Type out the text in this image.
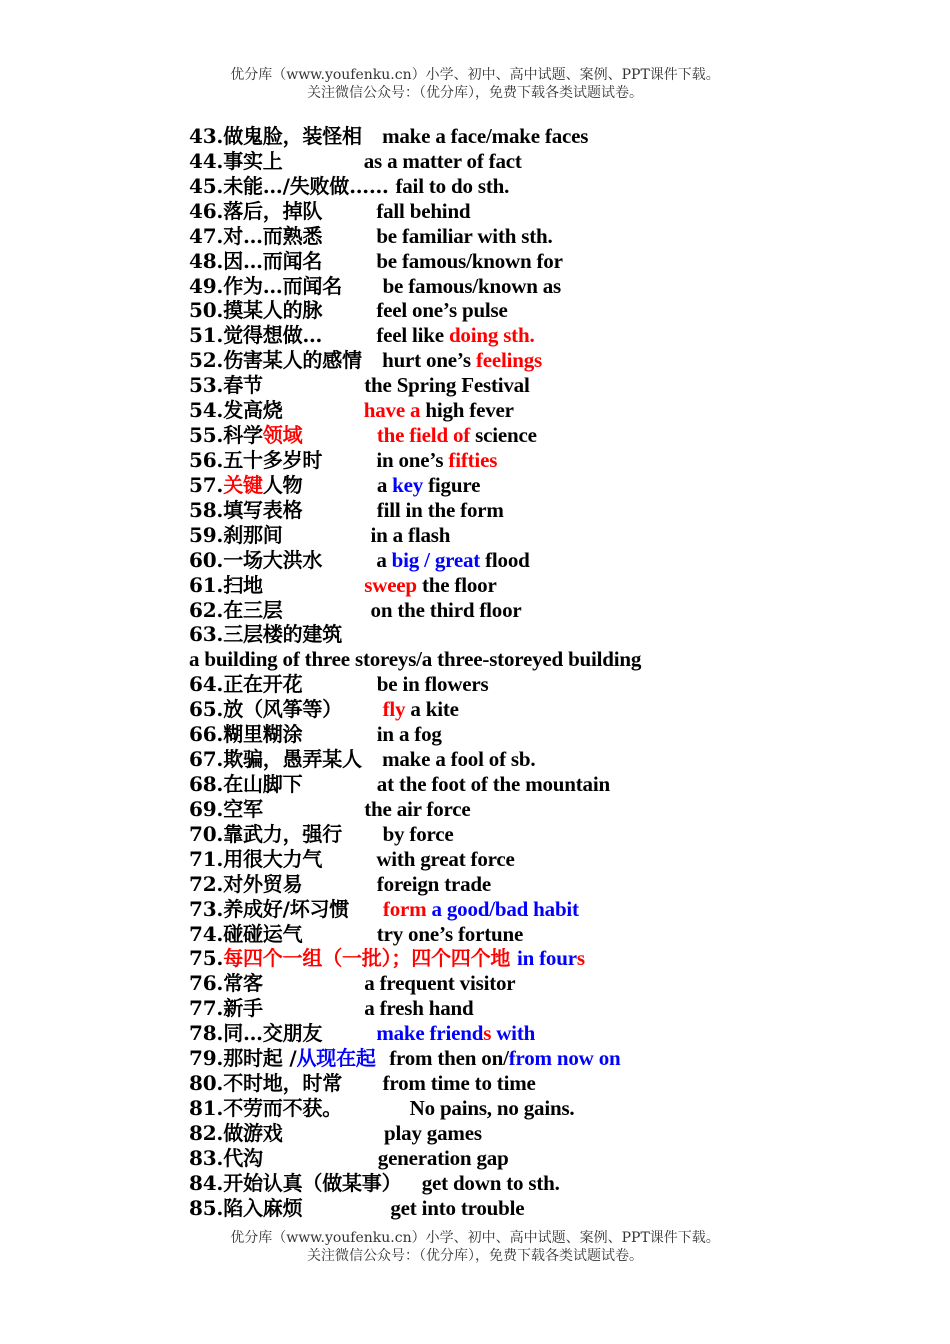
优分库（www.youfenku.cn）小学、初中、高中试题、案例、PPT课件下载。
关注微信公众号：（优分库），免费下载各类试题试卷。
43.做鬼脸，装怪相   make a face/make faces
44.事实上            as a matter of fact
45.未能…/失败做…… fail to do sth.
46.落后，掉队        fall behind
47.对…而熟悉        be familiar with sth.
48.因…而闻名        be famous/known for
49.作为…而闻名      be famous/known as
50.摸某人的脉        feel one’s pulse
51.觉得想做…        feel like doing sth.
52.伤害某人的感情   hurt one’s feelings
53.春节               the Spring Festival
54.发高烧            have a high fever
55.科学领域	the field of science
56.五十多岁时        in one’s fifties
57.关键人物           a key figure
58.填写表格           fill in the form
59.刹那间             in a flash
60.一场大洪水        a big / great flood
61.扫地               sweep the floor
62.在三层             on the third floor
63.三层楼的建筑
a building of three storeys/a three-storeyed building
64.正在开花           be in flowers
65.放（风筝等）      fly a kite
66.糊里糊涂           in a fog
67.欺骗，愚弄某人   make a fool of sb.
68.在山脚下           at the foot of the mountain
69.空军               the air force
70.靠武力，强行      by force
71.用很大力气        with great force
72.对外贸易           foreign trade
73.养成好/坏习惯     form a good/bad habit
74.碰碰运气           try one’s fortune
75.每四个一组（一批）；四个四个地 in fours
76.常客               a frequent visitor
77.新手               a fresh hand
78.同…交朋友        make friends with
79.那时起 /从现在起 from then on/from now on
80.不时地，时常      from time to time
81.不劳而不获。          No pains, no gains.
82.做游戏               play games
83.代沟                 generation gap
84.开始认真（做某事）   get down to sth.
85.陷入麻烦             get into trouble
优分库（www.youfenku.cn）小学、初中、高中试题、案例、PPT课件下载。
关注微信公众号：（优分库），免费下载各类试题试卷。
